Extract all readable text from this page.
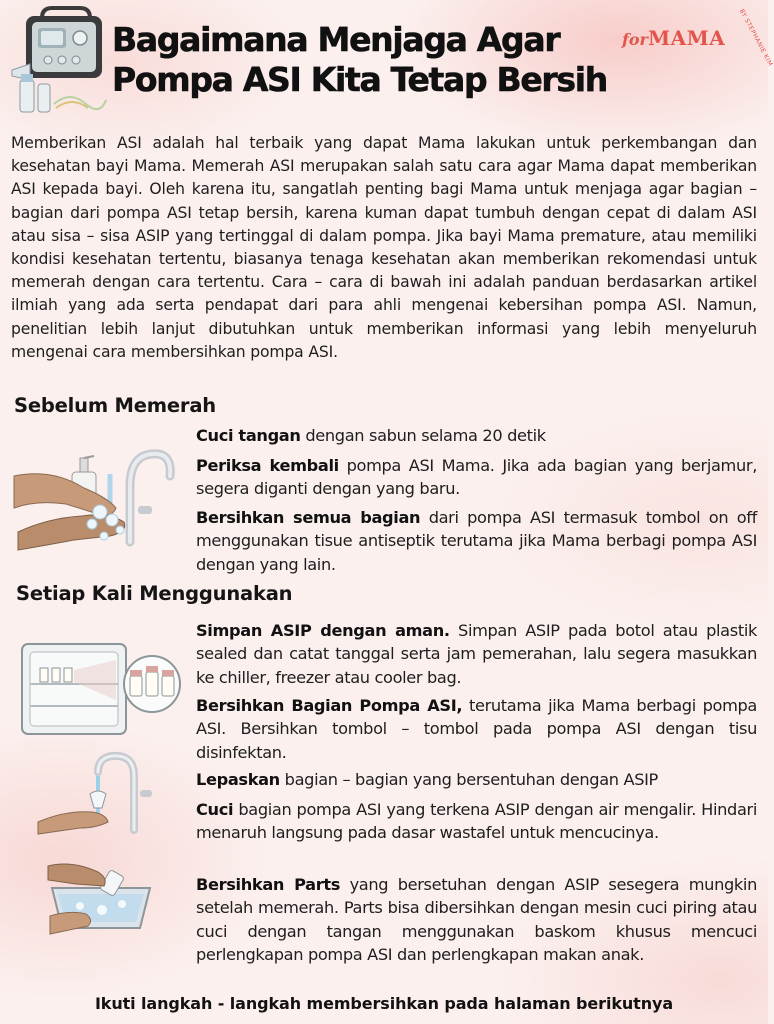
Bagaimana Menjaga Agar
Pompa ASI Kita Tetap Bersih
forMAMA BY STEPHANIE KIM

Memberikan ASI adalah hal terbaik yang dapat Mama lakukan untuk perkembangan dan kesehatan bayi Mama. Memerah ASI merupakan salah satu cara agar Mama dapat memberikan ASI kepada bayi. Oleh karena itu, sangatlah penting bagi Mama untuk menjaga agar bagian – bagian dari pompa ASI tetap bersih, karena kuman dapat tumbuh dengan cepat di dalam ASI atau sisa – sisa ASIP yang tertinggal di dalam pompa. Jika bayi Mama premature, atau memiliki kondisi kesehatan tertentu, biasanya tenaga kesehatan akan memberikan rekomendasi untuk memerah dengan cara tertentu. Cara – cara di bawah ini adalah panduan berdasarkan artikel ilmiah yang ada serta pendapat dari para ahli mengenai kebersihan pompa ASI. Namun, penelitian lebih lanjut dibutuhkan untuk memberikan informasi yang lebih menyeluruh mengenai cara membersihkan pompa ASI.

Sebelum Memerah

Cuci tangan dengan sabun selama 20 detik

Periksa kembali pompa ASI Mama. Jika ada bagian yang berjamur, segera diganti dengan yang baru.

Bersihkan semua bagian dari pompa ASI termasuk tombol on off menggunakan tisue antiseptik terutama jika Mama berbagi pompa ASI dengan yang lain.

Setiap Kali Menggunakan

Simpan ASIP dengan aman. Simpan ASIP pada botol atau plastik sealed dan catat tanggal serta jam pemerahan, lalu segera masukkan ke chiller, freezer atau cooler bag.

Bersihkan Bagian Pompa ASI, terutama jika Mama berbagi pompa ASI. Bersihkan tombol – tombol pada pompa ASI dengan tisu disinfektan.

Lepaskan bagian – bagian yang bersentuhan dengan ASIP

Cuci bagian pompa ASI yang terkena ASIP dengan air mengalir. Hindari menaruh langsung pada dasar wastafel untuk mencucinya.

Bersihkan Parts yang bersetuhan dengan ASIP sesegera mungkin setelah memerah. Parts bisa dibersihkan dengan mesin cuci piring atau cuci dengan tangan menggunakan baskom khusus mencuci perlengkapan pompa ASI dan perlengkapan makan anak.

Ikuti langkah - langkah membersihkan pada halaman berikutnya
